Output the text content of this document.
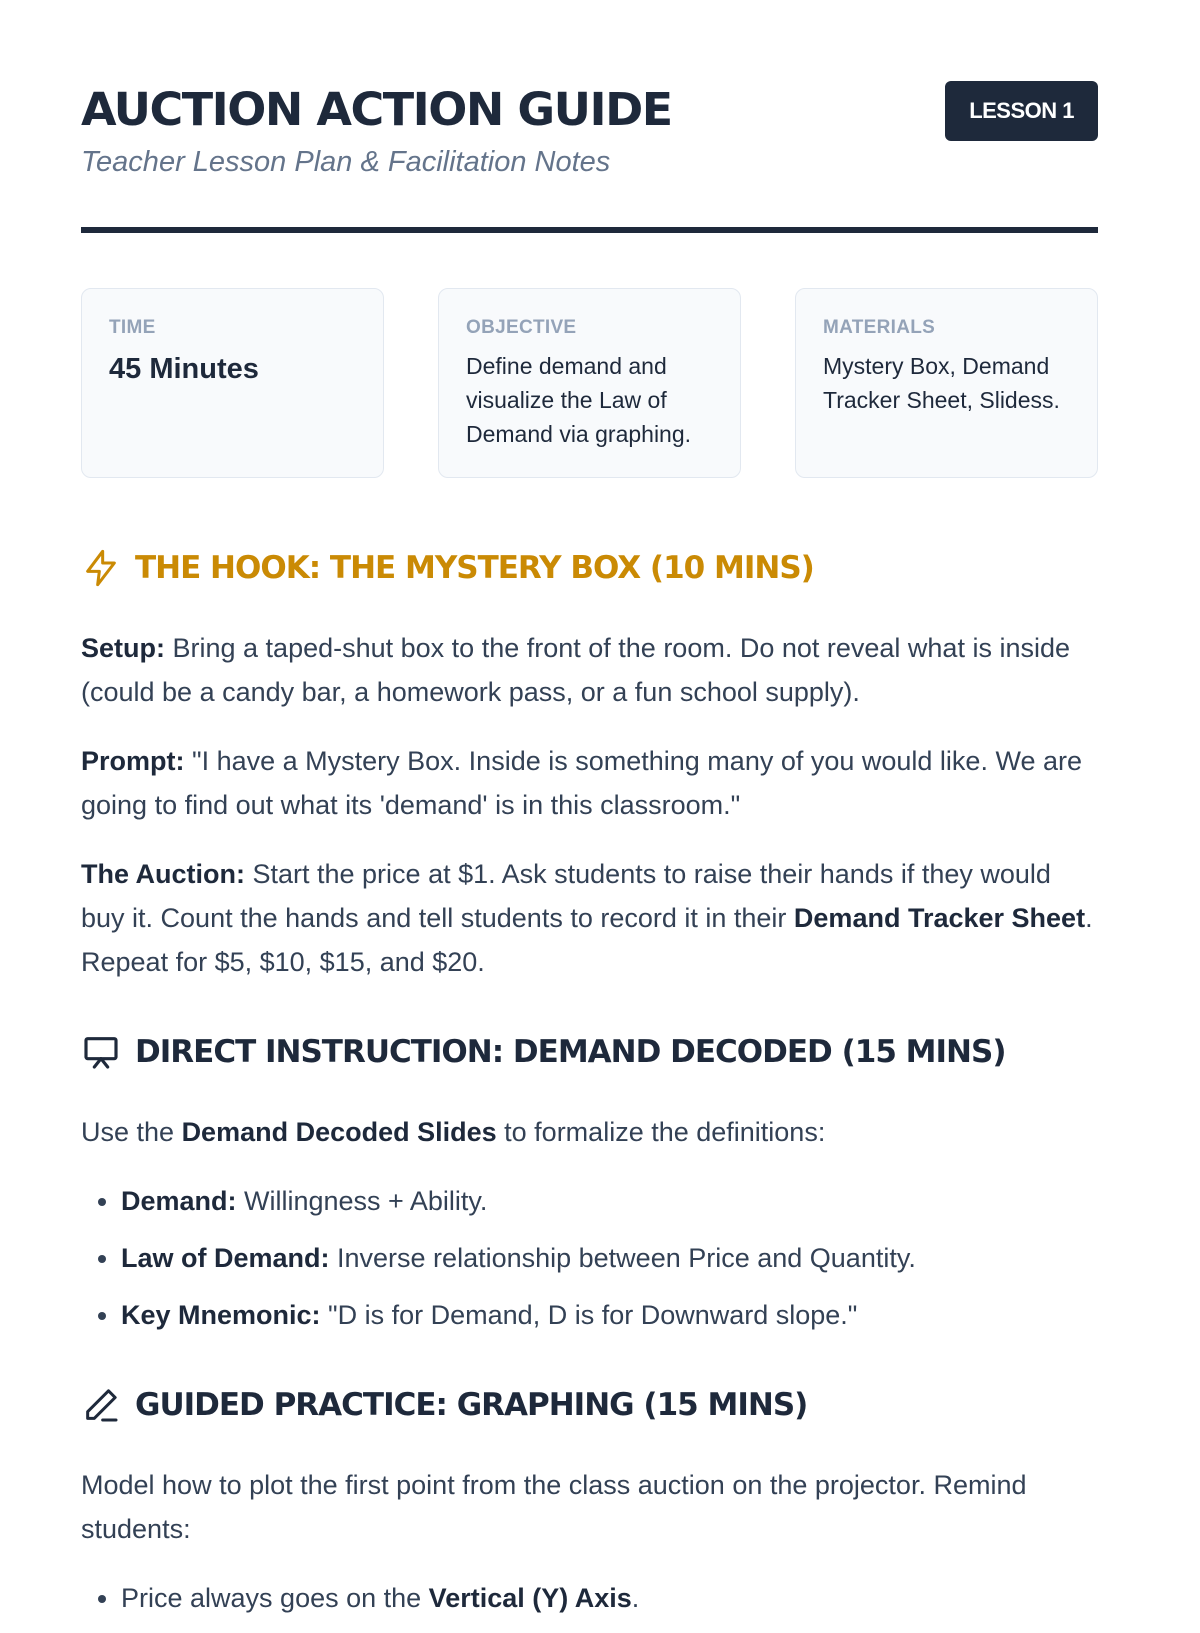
AUCTION ACTION GUIDE
Teacher Lesson Plan & Facilitation Notes
LESSON 1
TIME
45 Minutes
OBJECTIVE
Define demand and visualize the Law of Demand via graphing.
MATERIALS
Mystery Box, Demand Tracker Sheet, Slidess.
THE HOOK: THE MYSTERY BOX (10 MINS)

Setup: Bring a taped-shut box to the front of the room. Do not reveal what is inside (could be a candy bar, a homework pass, or a fun school supply).

Prompt: "I have a Mystery Box. Inside is something many of you would like. We are going to find out what its 'demand' is in this classroom."

The Auction: Start the price at $1. Ask students to raise their hands if they would buy it. Count the hands and tell students to record it in their Demand Tracker Sheet. Repeat for $5, $10, $15, and $20.

DIRECT INSTRUCTION: DEMAND DECODED (15 MINS)

Use the Demand Decoded Slides to formalize the definitions:

• Demand: Willingness + Ability.
• Law of Demand: Inverse relationship between Price and Quantity.
• Key Mnemonic: "D is for Demand, D is for Downward slope."
GUIDED PRACTICE: GRAPHING (15 MINS)

Model how to plot the first point from the class auction on the projector. Remind students:

• Price always goes on the Vertical (Y) Axis.
